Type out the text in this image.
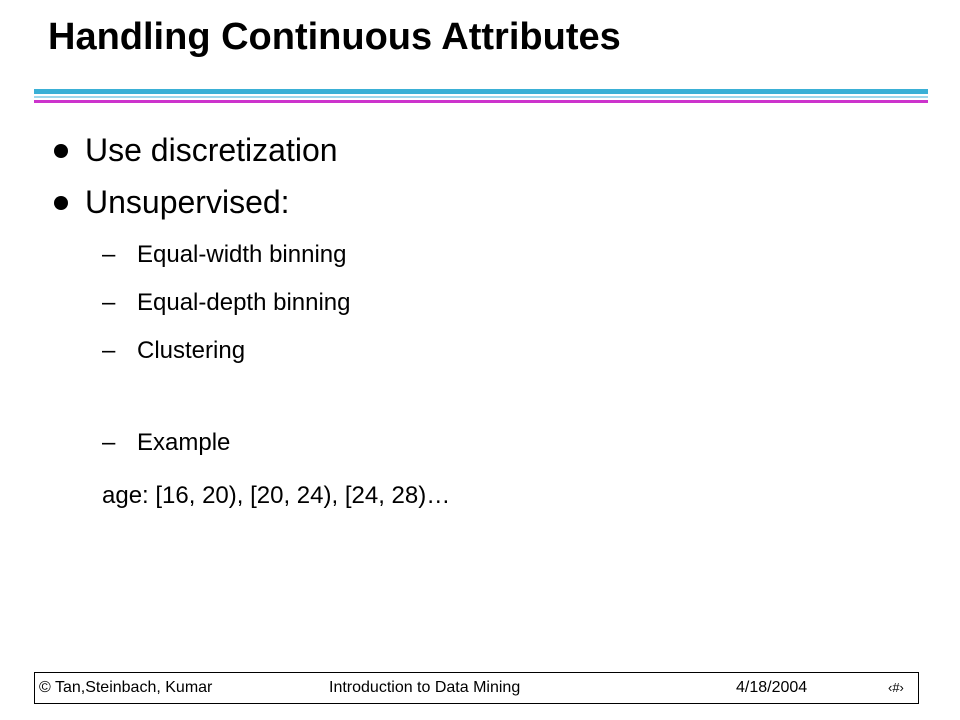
Handling Continuous Attributes
Use discretization
Unsupervised:
– Equal-width binning
– Equal-depth binning
– Clustering
– Example
age: [16, 20), [20, 24), [24, 28)…
© Tan,Steinbach, Kumar	Introduction to Data Mining	4/18/2004	‹#›
